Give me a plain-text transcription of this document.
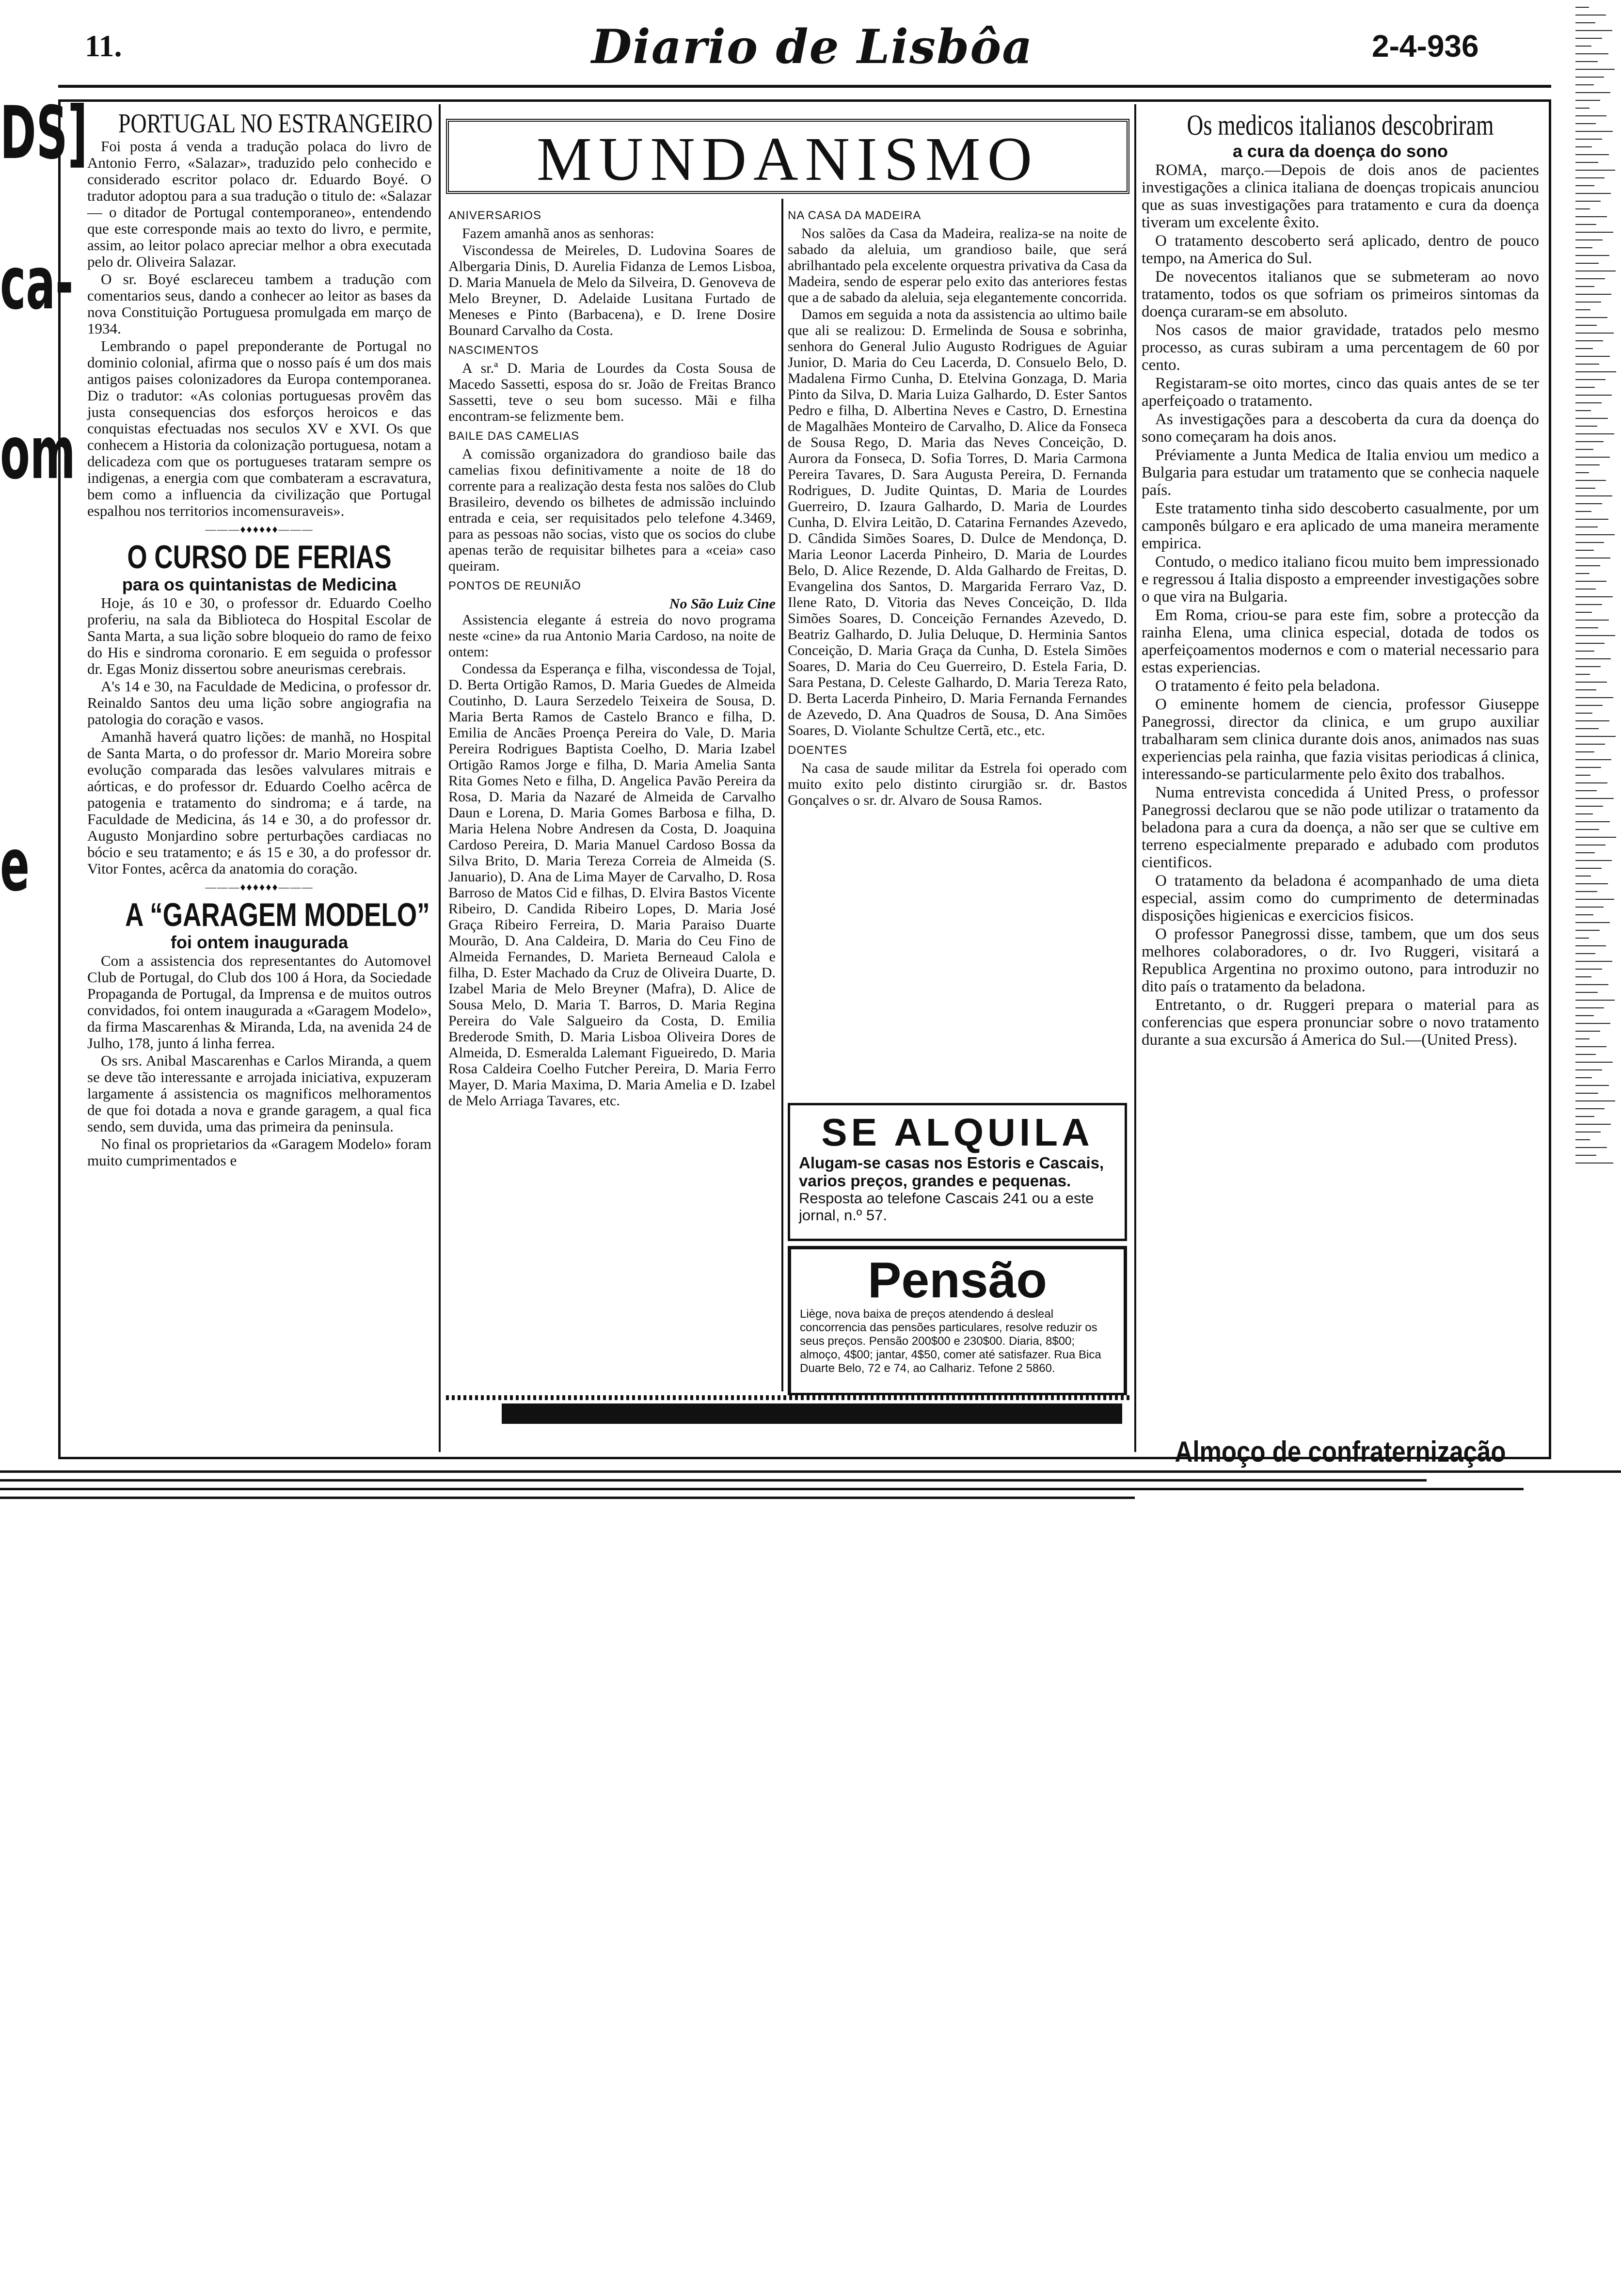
11.	Diario de Lisbôa	2-4-936
DS]
ca-
om
e
PORTUGAL NO ESTRANGEIRO

Foi posta á venda a tradução polaca do livro de Antonio Ferro, «Salazar», traduzido pelo conhecido e considerado escritor polaco dr. Eduardo Boyé. O tradutor adoptou para a sua tradução o titulo de: «Salazar — o ditador de Portugal contemporaneo», entendendo que este corresponde mais ao texto do livro, e permite, assim, ao leitor polaco apreciar melhor a obra executada pelo dr. Oliveira Salazar.

O sr. Boyé esclareceu tambem a tradução com comentarios seus, dando a conhecer ao leitor as bases da nova Constituição Portuguesa promulgada em março de 1934.

Lembrando o papel preponderante de Portugal no dominio colonial, afirma que o nosso país é um dos mais antigos paises colonizadores da Europa contemporanea. Diz o tradutor: «As colonias portuguesas provêm das justa consequencias dos esforços heroicos e das conquistas efectuadas nos seculos XV e XVI. Os que conhecem a Historia da colonização portuguesa, notam a delicadeza com que os portugueses trataram sempre os indigenas, a energia com que combateram a escravatura, bem como a influencia da civilização que Portugal espalhou nos territorios incomensuraveis».

———♦♦♦♦♦♦———
O CURSO DE FERIAS
para os quintanistas de Medicina

Hoje, ás 10 e 30, o professor dr. Eduardo Coelho proferiu, na sala da Biblioteca do Hospital Escolar de Santa Marta, a sua lição sobre bloqueio do ramo de feixo do His e sindroma coronario. E em seguida o professor dr. Egas Moniz dissertou sobre aneurismas cerebrais.

A's 14 e 30, na Faculdade de Medicina, o professor dr. Reinaldo Santos deu uma lição sobre angiografia na patologia do coração e vasos.

Amanhã haverá quatro lições: de manhã, no Hospital de Santa Marta, o do professor dr. Mario Moreira sobre evolução comparada das lesões valvulares mitrais e aórticas, e do professor dr. Eduardo Coelho acêrca de patogenia e tratamento do sindroma; e á tarde, na Faculdade de Medicina, ás 14 e 30, a do professor dr. Augusto Monjardino sobre perturbações cardiacas no bócio e seu tratamento; e ás 15 e 30, a do professor dr. Vitor Fontes, acêrca da anatomia do coração.

———♦♦♦♦♦♦———
A “GARAGEM MODELO”
foi ontem inaugurada

Com a assistencia dos representantes do Automovel Club de Portugal, do Club dos 100 á Hora, da Sociedade Propaganda de Portugal, da Imprensa e de muitos outros convidados, foi ontem inaugurada a «Garagem Modelo», da firma Mascarenhas & Miranda, Lda, na avenida 24 de Julho, 178, junto á linha ferrea.

Os srs. Anibal Mascarenhas e Carlos Miranda, a quem se deve tão interessante e arrojada iniciativa, expuzeram largamente á assistencia os magnificos melhoramentos de que foi dotada a nova e grande garagem, a qual fica sendo, sem duvida, uma das primeira da peninsula.

No final os proprietarios da «Garagem Modelo» foram muito cumprimentados e

MUNDANISMO
ANIVERSARIOS

Fazem amanhã anos as senhoras:

Viscondessa de Meireles, D. Ludovina Soares de Albergaria Dinis, D. Aurelia Fidanza de Lemos Lisboa, D. Maria Manuela de Melo da Silveira, D. Genoveva de Melo Breyner, D. Adelaide Lusitana Furtado de Meneses e Pinto (Barbacena), e D. Irene Dosire Bounard Carvalho da Costa.

NASCIMENTOS

A sr.ª D. Maria de Lourdes da Costa Sousa de Macedo Sassetti, esposa do sr. João de Freitas Branco Sassetti, teve o seu bom sucesso. Mãi e filha encontram-se felizmente bem.

BAILE DAS CAMELIAS

A comissão organizadora do grandioso baile das camelias fixou definitivamente a noite de 18 do corrente para a realização desta festa nos salões do Club Brasileiro, devendo os bilhetes de admissão incluindo entrada e ceia, ser requisitados pelo telefone 4.3469, para as pessoas não socias, visto que os socios do clube apenas terão de requisitar bilhetes para a «ceia» caso queiram.

PONTOS DE REUNIÃO
No São Luiz Cine

Assistencia elegante á estreia do novo programa neste «cine» da rua Antonio Maria Cardoso, na noite de ontem:

Condessa da Esperança e filha, viscondessa de Tojal, D. Berta Ortigão Ramos, D. Maria Guedes de Almeida Coutinho, D. Laura Serzedelo Teixeira de Sousa, D. Maria Berta Ramos de Castelo Branco e filha, D. Emilia de Ancães Proença Pereira do Vale, D. Maria Pereira Rodrigues Baptista Coelho, D. Maria Izabel Ortigão Ramos Jorge e filha, D. Maria Amelia Santa Rita Gomes Neto e filha, D. Angelica Pavão Pereira da Rosa, D. Maria da Nazaré de Almeida de Carvalho Daun e Lorena, D. Maria Gomes Barbosa e filha, D. Maria Helena Nobre Andresen da Costa, D. Joaquina Cardoso Pereira, D. Maria Manuel Cardoso Bossa da Silva Brito, D. Maria Tereza Correia de Almeida (S. Januario), D. Ana de Lima Mayer de Carvalho, D. Rosa Barroso de Matos Cid e filhas, D. Elvira Bastos Vicente Ribeiro, D. Candida Ribeiro Lopes, D. Maria José Graça Ribeiro Ferreira, D. Maria Paraiso Duarte Mourão, D. Ana Caldeira, D. Maria do Ceu Fino de Almeida Fernandes, D. Marieta Berneaud Calola e filha, D. Ester Machado da Cruz de Oliveira Duarte, D. Izabel Maria de Melo Breyner (Mafra), D. Alice de Sousa Melo, D. Maria T. Barros, D. Maria Regina Pereira do Vale Salgueiro da Costa, D. Emilia Brederode Smith, D. Maria Lisboa Oliveira Dores de Almeida, D. Esmeralda Lalemant Figueiredo, D. Maria Rosa Caldeira Coelho Futcher Pereira, D. Maria Ferro Mayer, D. Maria Maxima, D. Maria Amelia e D. Izabel de Melo Arriaga Tavares, etc.

NA CASA DA MADEIRA

Nos salões da Casa da Madeira, realiza-se na noite de sabado da aleluia, um grandioso baile, que será abrilhantado pela excelente orquestra privativa da Casa da Madeira, sendo de esperar pelo exito das anteriores festas que a de sabado da aleluia, seja elegantemente concorrida.

Damos em seguida a nota da assistencia ao ultimo baile que ali se realizou: D. Ermelinda de Sousa e sobrinha, senhora do General Julio Augusto Rodrigues de Aguiar Junior, D. Maria do Ceu Lacerda, D. Consuelo Belo, D. Madalena Firmo Cunha, D. Etelvina Gonzaga, D. Maria Pinto da Silva, D. Maria Luiza Galhardo, D. Ester Santos Pedro e filha, D. Albertina Neves e Castro, D. Ernestina de Magalhães Monteiro de Carvalho, D. Alice da Fonseca de Sousa Rego, D. Maria das Neves Conceição, D. Aurora da Fonseca, D. Sofia Torres, D. Maria Carmona Pereira Tavares, D. Sara Augusta Pereira, D. Fernanda Rodrigues, D. Judite Quintas, D. Maria de Lourdes Guerreiro, D. Izaura Galhardo, D. Maria de Lourdes Cunha, D. Elvira Leitão, D. Catarina Fernandes Azevedo, D. Cândida Simões Soares, D. Dulce de Mendonça, D. Maria Leonor Lacerda Pinheiro, D. Maria de Lourdes Belo, D. Alice Rezende, D. Alda Galhardo de Freitas, D. Evangelina dos Santos, D. Margarida Ferraro Vaz, D. Ilene Rato, D. Vitoria das Neves Conceição, D. Ilda Simões Soares, D. Conceição Fernandes Azevedo, D. Beatriz Galhardo, D. Julia Deluque, D. Herminia Santos Conceição, D. Maria Graça da Cunha, D. Estela Simões Soares, D. Maria do Ceu Guerreiro, D. Estela Faria, D. Sara Pestana, D. Celeste Galhardo, D. Maria Tereza Rato, D. Berta Lacerda Pinheiro, D. Maria Fernanda Fernandes de Azevedo, D. Ana Quadros de Sousa, D. Ana Simões Soares, D. Violante Schultze Certã, etc., etc.

DOENTES

Na casa de saude militar da Estrela foi operado com muito exito pelo distinto cirurgião sr. dr. Bastos Gonçalves o sr. dr. Alvaro de Sousa Ramos.

SE ALQUILA
Alugam-se casas nos Estoris e Cascais, varios preços, grandes e pequenas.
Resposta ao telefone Cascais 241 ou a este jornal, n.º 57.
Pensão
Liège, nova baixa de preços atendendo á desleal concorrencia das pensões particulares, resolve reduzir os seus preços. Pensão 200$00 e 230$00. Diaria, 8$00; almoço, 4$00; jantar, 4$50, comer até satisfazer. Rua Bica Duarte Belo, 72 e 74, ao Calhariz. Tefone 2 5860.
Os medicos italianos descobriram
a cura da doença do sono

ROMA, março.—Depois de dois anos de pacientes investigações a clinica italiana de doenças tropicais anunciou que as suas investigações para tratamento e cura da doença tiveram um excelente êxito.

O tratamento descoberto será aplicado, dentro de pouco tempo, na America do Sul.

De novecentos italianos que se submeteram ao novo tratamento, todos os que sofriam os primeiros sintomas da doença curaram-se em absoluto.

Nos casos de maior gravidade, tratados pelo mesmo processo, as curas subiram a uma percentagem de 60 por cento.

Registaram-se oito mortes, cinco das quais antes de se ter aperfeiçoado o tratamento.

As investigações para a descoberta da cura da doença do sono começaram ha dois anos.

Préviamente a Junta Medica de Italia enviou um medico a Bulgaria para estudar um tratamento que se conhecia naquele país.

Este tratamento tinha sido descoberto casualmente, por um camponês búlgaro e era aplicado de uma maneira meramente empirica.

Contudo, o medico italiano ficou muito bem impressionado e regressou á Italia disposto a empreender investigações sobre o que vira na Bulgaria.

Em Roma, criou-se para este fim, sobre a protecção da rainha Elena, uma clinica especial, dotada de todos os aperfeiçoamentos modernos e com o material necessario para estas experiencias.

O tratamento é feito pela beladona.

O eminente homem de ciencia, professor Giuseppe Panegrossi, director da clinica, e um grupo auxiliar trabalharam sem clinica durante dois anos, animados nas suas experiencias pela rainha, que fazia visitas periodicas á clinica, interessando-se particularmente pelo êxito dos trabalhos.

Numa entrevista concedida á United Press, o professor Panegrossi declarou que se não pode utilizar o tratamento da beladona para a cura da doença, a não ser que se cultive em terreno especialmente preparado e adubado com produtos cientificos.

O tratamento da beladona é acompanhado de uma dieta especial, assim como do cumprimento de determinadas disposições higienicas e exercicios fisicos.

O professor Panegrossi disse, tambem, que um dos seus melhores colaboradores, o dr. Ivo Ruggeri, visitará a Republica Argentina no proximo outono, para introduzir no dito país o tratamento da beladona.

Entretanto, o dr. Ruggeri prepara o material para as conferencias que espera pronunciar sobre o novo tratamento durante a sua excursão á America do Sul.—(United Press).

Almoço de confraternização
